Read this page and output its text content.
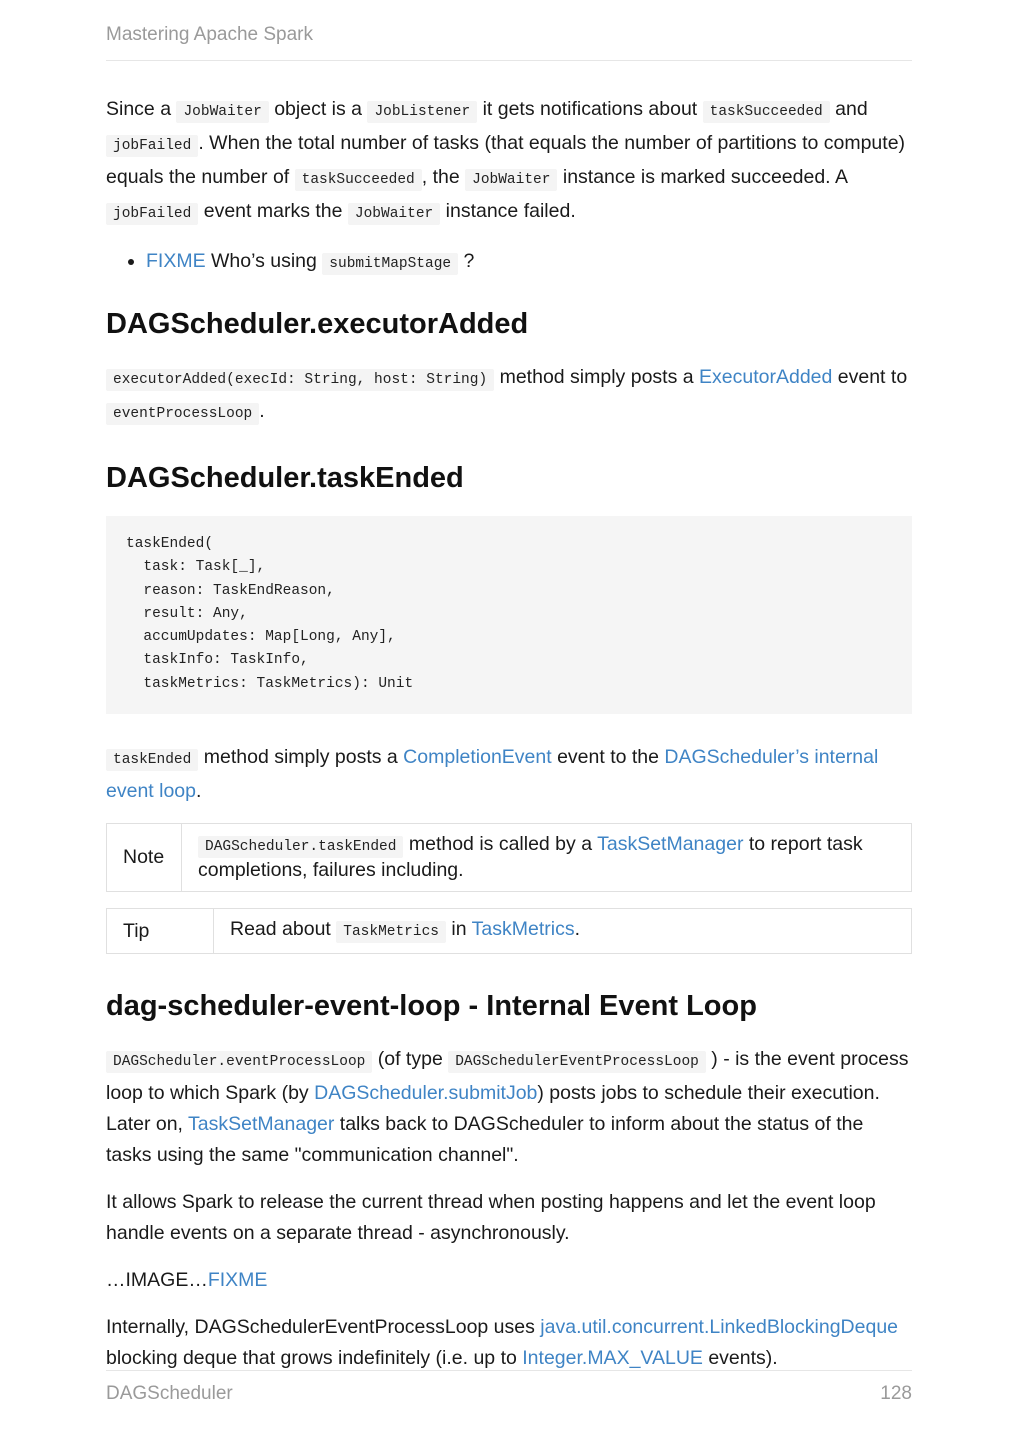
Mastering Apache Spark

Since a JobWaiter object is a JobListener it gets notifications about taskSucceeded and jobFailed . When the total number of tasks (that equals the number of partitions to compute) equals the number of taskSucceeded , the JobWaiter instance is marked succeeded. A jobFailed event marks the JobWaiter instance failed.

• FIXME Who’s using submitMapStage ?
DAGScheduler.executorAdded

executorAdded(execId: String, host: String) method simply posts a ExecutorAdded event to eventProcessLoop .

DAGScheduler.taskEnded
taskEnded(
task: Task[_],
reason: TaskEndReason,
result: Any,
accumUpdates: Map[Long, Any],
taskInfo: TaskInfo,
taskMetrics: TaskMetrics): Unit

taskEnded method simply posts a CompletionEvent event to the DAGScheduler’s internal event loop.

Note	DAGScheduler.taskEnded method is called by a TaskSetManager to report task completions, failures including.
Tip	Read about TaskMetrics in TaskMetrics.
dag-scheduler-event-loop - Internal Event Loop

DAGScheduler.eventProcessLoop (of type DAGSchedulerEventProcessLoop ) - is the event process loop to which Spark (by DAGScheduler.submitJob) posts jobs to schedule their execution. Later on, TaskSetManager talks back to DAGScheduler to inform about the status of the tasks using the same "communication channel".

It allows Spark to release the current thread when posting happens and let the event loop handle events on a separate thread - asynchronously.

…IMAGE…FIXME

Internally, DAGSchedulerEventProcessLoop uses java.util.concurrent.LinkedBlockingDeque blocking deque that grows indefinitely (i.e. up to Integer.MAX_VALUE events).

DAGScheduler	128
